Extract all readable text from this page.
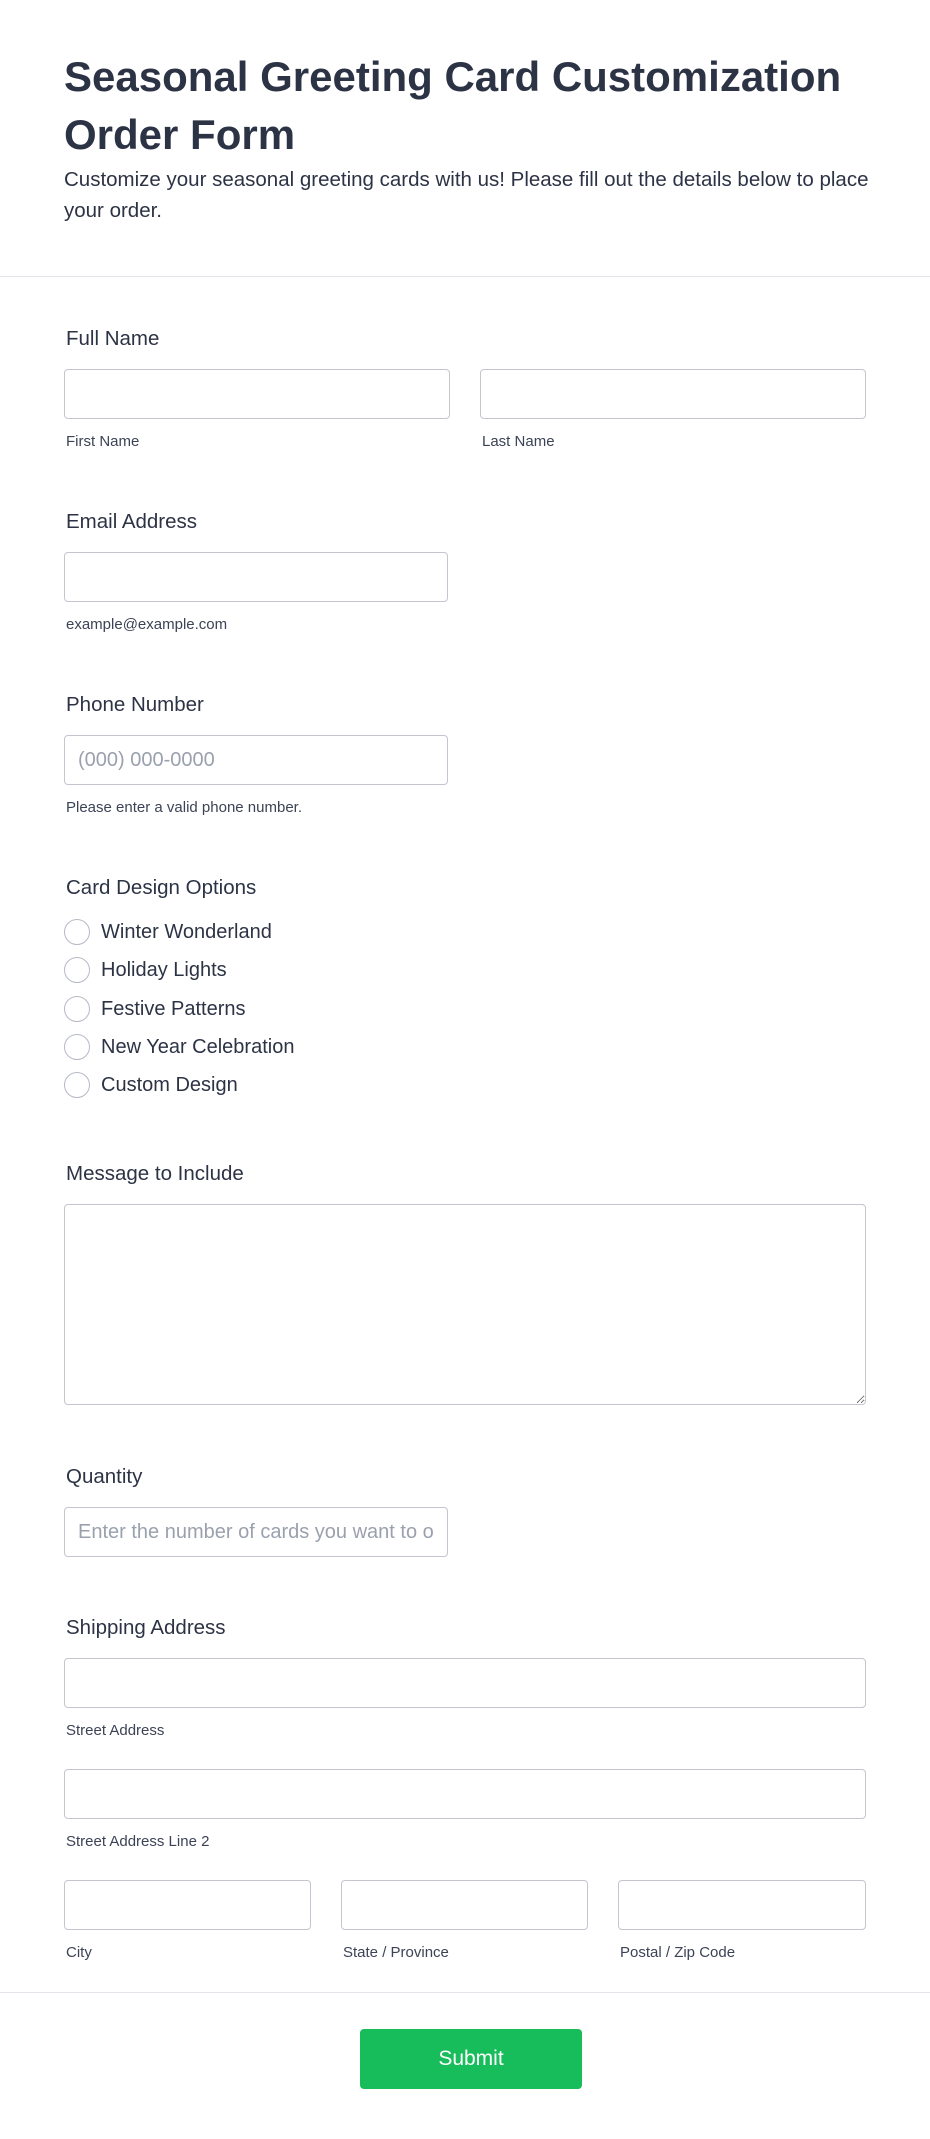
Seasonal Greeting Card Customization Order Form

Customize your seasonal greeting cards with us! Please fill out the details below to place your order.

Full Name
First Name	Last Name
Email Address
example@example.com
Phone Number
(000) 000-0000
Please enter a valid phone number.
Card Design Options
Winter Wonderland
Holiday Lights
Festive Patterns
New Year Celebration
Custom Design
Message to Include
Quantity
Enter the number of cards you want to order
Shipping Address
Street Address
Street Address Line 2
City	State / Province	Postal / Zip Code
Submit
